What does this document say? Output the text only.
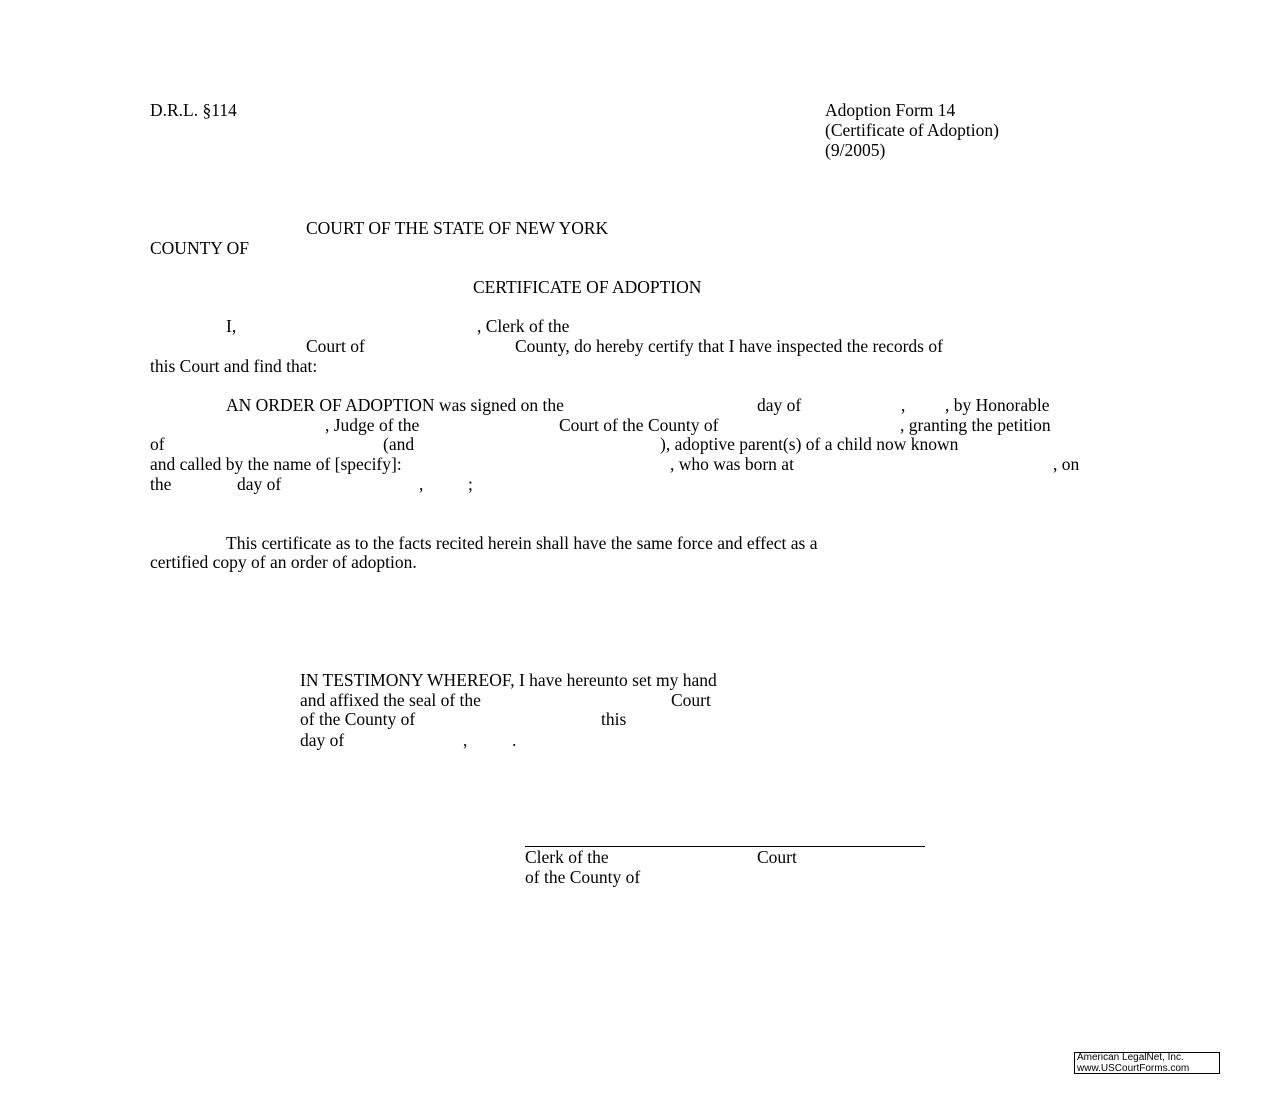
D.R.L. §114	Adoption Form 14
(Certificate of Adoption)
(9/2005)
COURT OF THE STATE OF NEW YORK
COUNTY OF
CERTIFICATE OF ADOPTION
I,	, Clerk of the
Court of	County, do hereby certify that I have inspected the records of
this Court and find that:
AN ORDER OF ADOPTION was signed on the	day of	, , by Honorable
, Judge of the	Court of the County of	, granting the petition
of	(and	), adoptive parent(s) of a child now known
and called by the name of [specify]:	, who was born at	, on
the	day of	,	;
This certificate as to the facts recited herein shall have the same force and effect as a
certified copy of an order of adoption.
IN TESTIMONY WHEREOF, I have hereunto set my hand
and affixed the seal of the	Court
of the County of	this
day of	,	.
Clerk of the	Court
of the County of
American LegalNet, Inc.
www.USCourtForms.com
